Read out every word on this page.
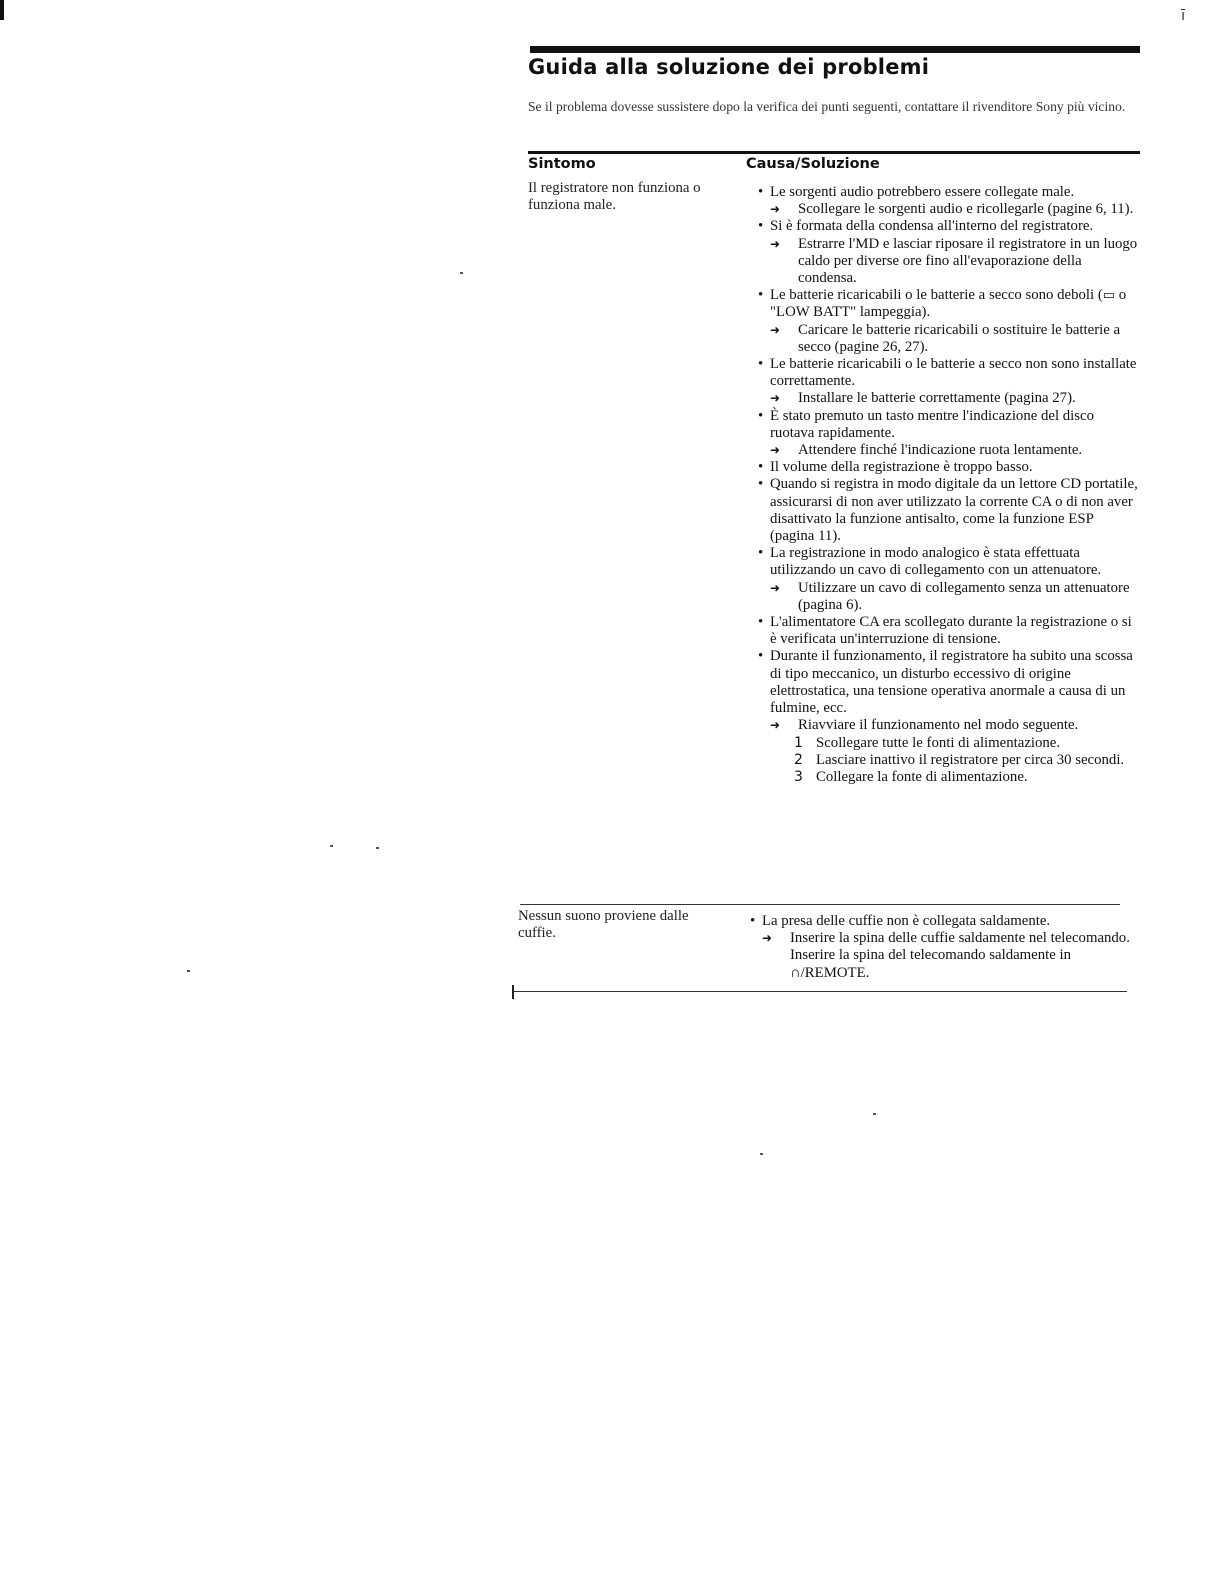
ī
Guida alla soluzione dei problemi

Se il problema dovesse sussistere dopo la verifica dei punti seguenti, contattare il rivenditore Sony più vicino.

Sintomo	Causa/Soluzione

Il registratore non funziona o funziona male.

• Le sorgenti audio potrebbero essere collegate male.
➜ Scollegare le sorgenti audio e ricollegarle (pagine 6, 11).
• Si è formata della condensa all'interno del registratore.
➜ Estrarre l'MD e lasciar riposare il registratore in un luogo caldo per diverse ore fino all'evaporazione della condensa.
• Le batterie ricaricabili o le batterie a secco sono deboli (▭ o "LOW BATT" lampeggia).
➜ Caricare le batterie ricaricabili o sostituire le batterie a secco (pagine 26, 27).
• Le batterie ricaricabili o le batterie a secco non sono installate correttamente.
➜ Installare le batterie correttamente (pagina 27).
• È stato premuto un tasto mentre l'indicazione del disco ruotava rapidamente.
➜ Attendere finché l'indicazione ruota lentamente.
• Il volume della registrazione è troppo basso.
• Quando si registra in modo digitale da un lettore CD portatile, assicurarsi di non aver utilizzato la corrente CA o di non aver disattivato la funzione antisalto, come la funzione ESP (pagina 11).
• La registrazione in modo analogico è stata effettuata utilizzando un cavo di collegamento con un attenuatore.
➜ Utilizzare un cavo di collegamento senza un attenuatore (pagina 6).
• L'alimentatore CA era scollegato durante la registrazione o si è verificata un'interruzione di tensione.
• Durante il funzionamento, il registratore ha subito una scossa di tipo meccanico, un disturbo eccessivo di origine elettrostatica, una tensione operativa anormale a causa di un fulmine, ecc.
➜ Riavviare il funzionamento nel modo seguente.
1 Scollegare tutte le fonti di alimentazione.
2 Lasciare inattivo il registratore per circa 30 secondi.
3 Collegare la fonte di alimentazione.

Nessun suono proviene dalle cuffie.

• La presa delle cuffie non è collegata saldamente.
➜ Inserire la spina delle cuffie saldamente nel telecomando. Inserire la spina del telecomando saldamente in ∩/REMOTE.
